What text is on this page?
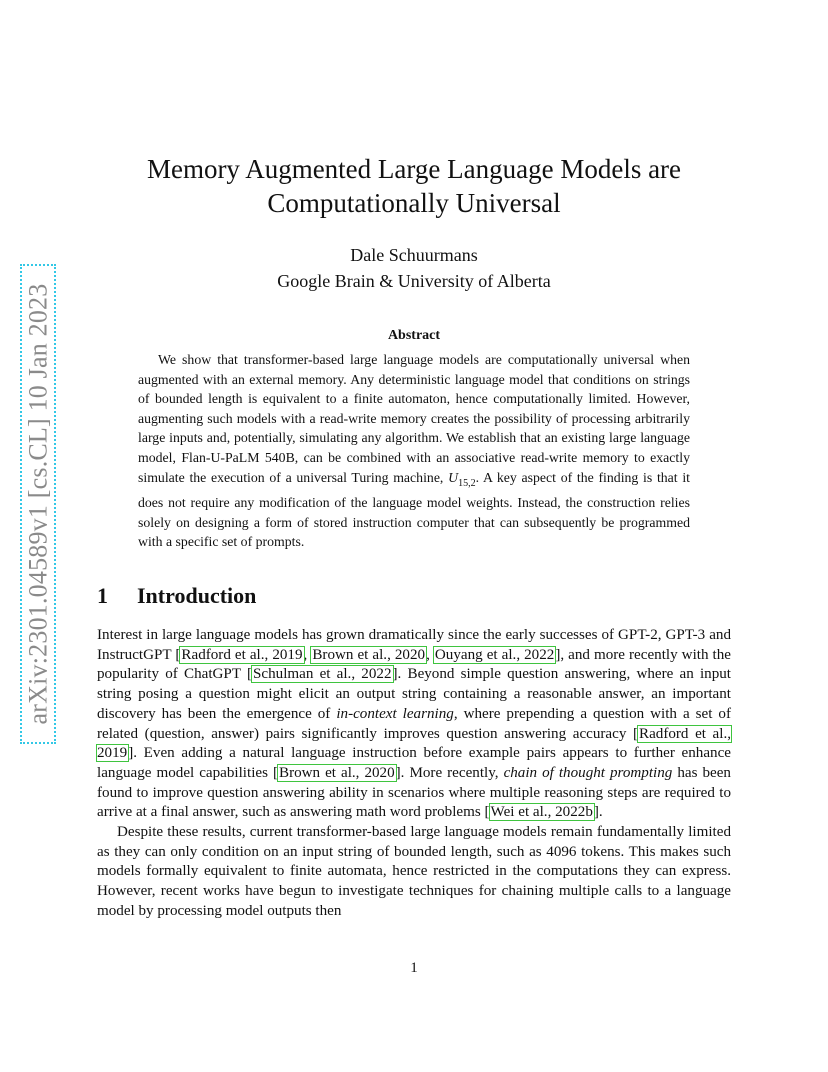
arXiv:2301.04589v1 [cs.CL] 10 Jan 2023
Memory Augmented Large Language Models are
Computationally Universal
Dale Schuurmans
Google Brain & University of Alberta
Abstract

We show that transformer-based large language models are computationally universal when augmented with an external memory. Any deterministic language model that conditions on strings of bounded length is equivalent to a finite automaton, hence computationally limited. However, augmenting such models with a read-write memory creates the possibility of processing arbitrarily large inputs and, potentially, simulating any algorithm. We establish that an existing large language model, Flan-U-PaLM 540B, can be combined with an associative read-write memory to exactly simulate the execution of a universal Turing machine, $U_{15,2}$. A key aspect of the finding is that it does not require any modification of the language model weights. Instead, the construction relies solely on designing a form of stored instruction computer that can subsequently be programmed with a specific set of prompts.

1 Introduction

Interest in large language models has grown dramatically since the early successes of GPT-2, GPT-3 and InstructGPT [Radford et al., 2019, Brown et al., 2020, Ouyang et al., 2022], and more recently with the popularity of ChatGPT [Schulman et al., 2022]. Beyond simple question answering, where an input string posing a question might elicit an output string containing a reasonable answer, an important discovery has been the emergence of in-context learning, where prepending a question with a set of related (question, answer) pairs significantly improves question answering accuracy [Radford et al., 2019]. Even adding a natural language instruction before example pairs appears to further enhance language model capabilities [Brown et al., 2020]. More recently, chain of thought prompting has been found to improve question answering ability in scenarios where multiple reasoning steps are required to arrive at a final answer, such as answering math word problems [Wei et al., 2022b].

Despite these results, current transformer-based large language models remain fundamentally limited as they can only condition on an input string of bounded length, such as 4096 tokens. This makes such models formally equivalent to finite automata, hence restricted in the computations they can express. However, recent works have begun to investigate techniques for chaining multiple calls to a language model by processing model outputs then

1
